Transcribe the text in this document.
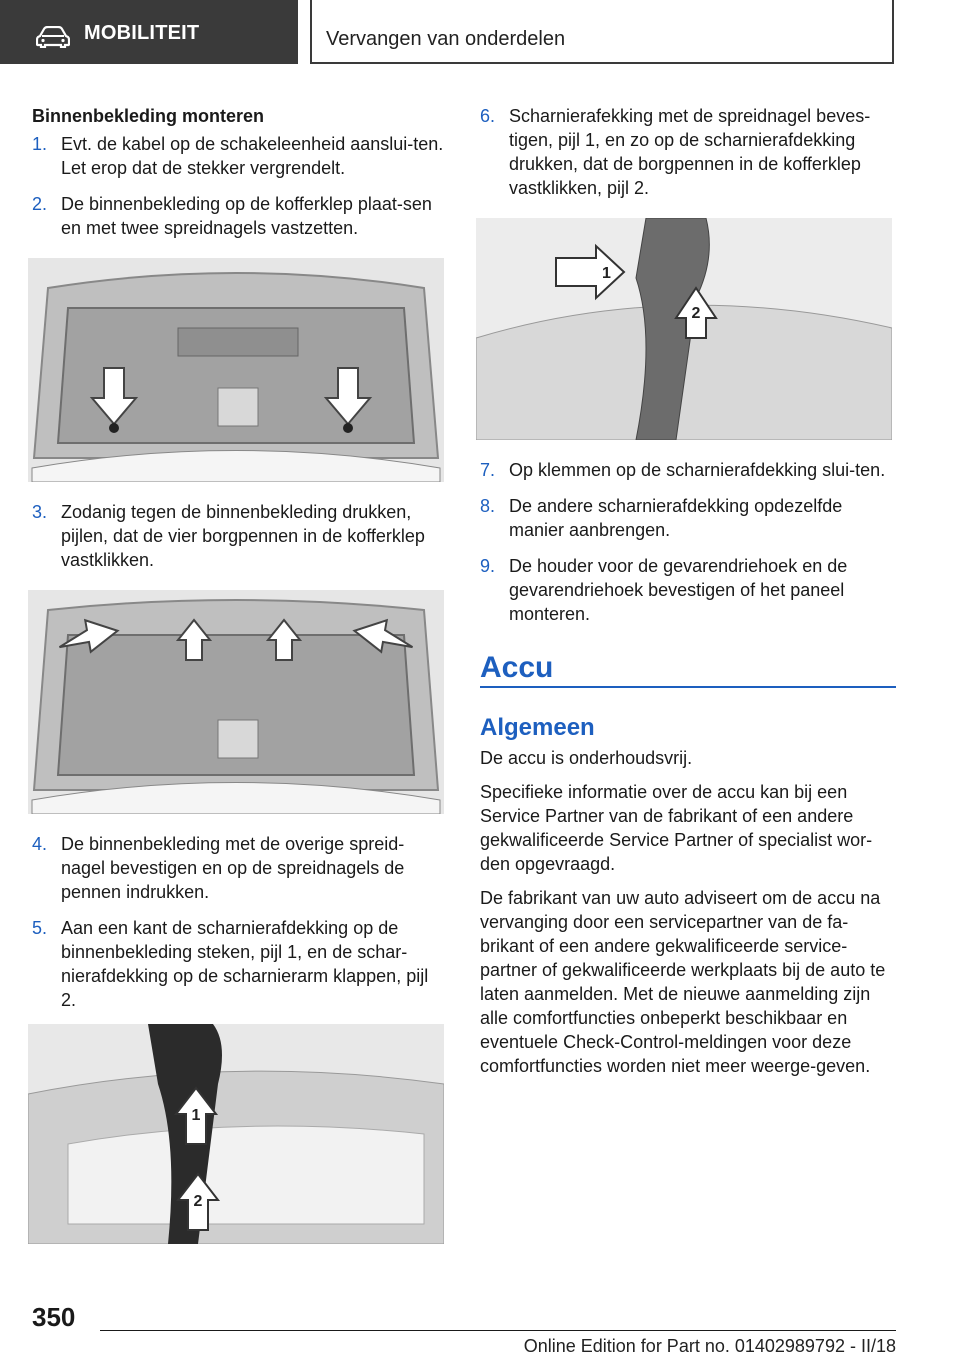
MOBILITEIT	Vervangen van onderdelen
Binnenbekleding monteren
1. Evt. de kabel op de schakeleenheid aanslui-ten. Let erop dat de stekker vergrendelt.
2. De binnenbekleding op de kofferklep plaat-sen en met twee spreidnagels vastzetten.
3. Zodanig tegen de binnenbekleding drukken, pijlen, dat de vier borgpennen in de kofferklep vastklikken.
4. De binnenbekleding met de overige spreid-nagel bevestigen en op de spreidnagels de pennen indrukken.
5. Aan een kant de scharnierafdekking op de binnenbekleding steken, pijl 1, en de schar-nierafdekking op de scharnierarm klappen, pijl 2.
1
2
6. Scharnierafekking met de spreidnagel beves-tigen, pijl 1, en zo op de scharnierafdekking drukken, dat de borgpennen in de kofferklep vastklikken, pijl 2.
1
2
7. Op klemmen op de scharnierafdekking slui-ten.
8. De andere scharnierafdekking opdezelfde manier aanbrengen.
9. De houder voor de gevarendriehoek en de gevarendriehoek bevestigen of het paneel monteren.
Accu
Algemeen

De accu is onderhoudsvrij.

Specifieke informatie over de accu kan bij een Service Partner van de fabrikant of een andere gekwalificeerde Service Partner of specialist wor-den opgevraagd.

De fabrikant van uw auto adviseert om de accu na vervanging door een servicepartner van de fa-brikant of een andere gekwalificeerde service-partner of gekwalificeerde werkplaats bij de auto te laten aanmelden. Met de nieuwe aanmelding zijn alle comfortfuncties onbeperkt beschikbaar en eventuele Check-Control-meldingen voor deze comfortfuncties worden niet meer weerge-geven.

350
Online Edition for Part no. 01402989792 - II/18
